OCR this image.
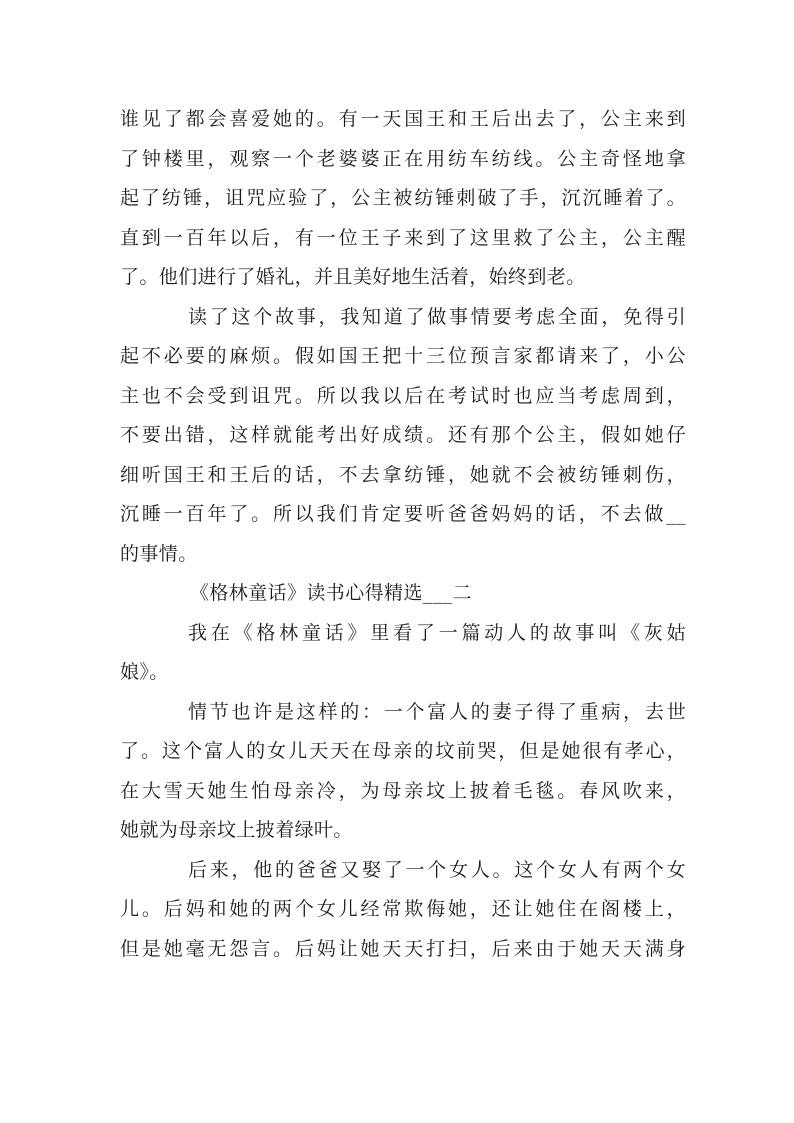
谁见了都会喜爱她的。有一天国王和王后出去了，公主来到
了钟楼里，观察一个老婆婆正在用纺车纺线。公主奇怪地拿
起了纺锤，诅咒应验了，公主被纺锤刺破了手，沉沉睡着了。
直到一百年以后，有一位王子来到了这里救了公主，公主醒
了。他们进行了婚礼，并且美好地生活着，始终到老。
读了这个故事，我知道了做事情要考虑全面，免得引
起不必要的麻烦。假如国王把十三位预言家都请来了，小公
主也不会受到诅咒。所以我以后在考试时也应当考虑周到，
不要出错，这样就能考出好成绩。还有那个公主，假如她仔
细听国王和王后的话，不去拿纺锤，她就不会被纺锤刺伤，
沉睡一百年了。所以我们肯定要听爸爸妈妈的话，不去做__
的事情。
《格林童话》读书心得精选___二
我在《格林童话》里看了一篇动人的故事叫《灰姑
娘》。
情节也许是这样的：一个富人的妻子得了重病，去世
了。这个富人的女儿天天在母亲的坟前哭，但是她很有孝心，
在大雪天她生怕母亲冷，为母亲坟上披着毛毯。春风吹来，
她就为母亲坟上披着绿叶。
后来，他的爸爸又娶了一个女人。这个女人有两个女
儿。后妈和她的两个女儿经常欺侮她，还让她住在阁楼上，
但是她毫无怨言。后妈让她天天打扫，后来由于她天天满身
